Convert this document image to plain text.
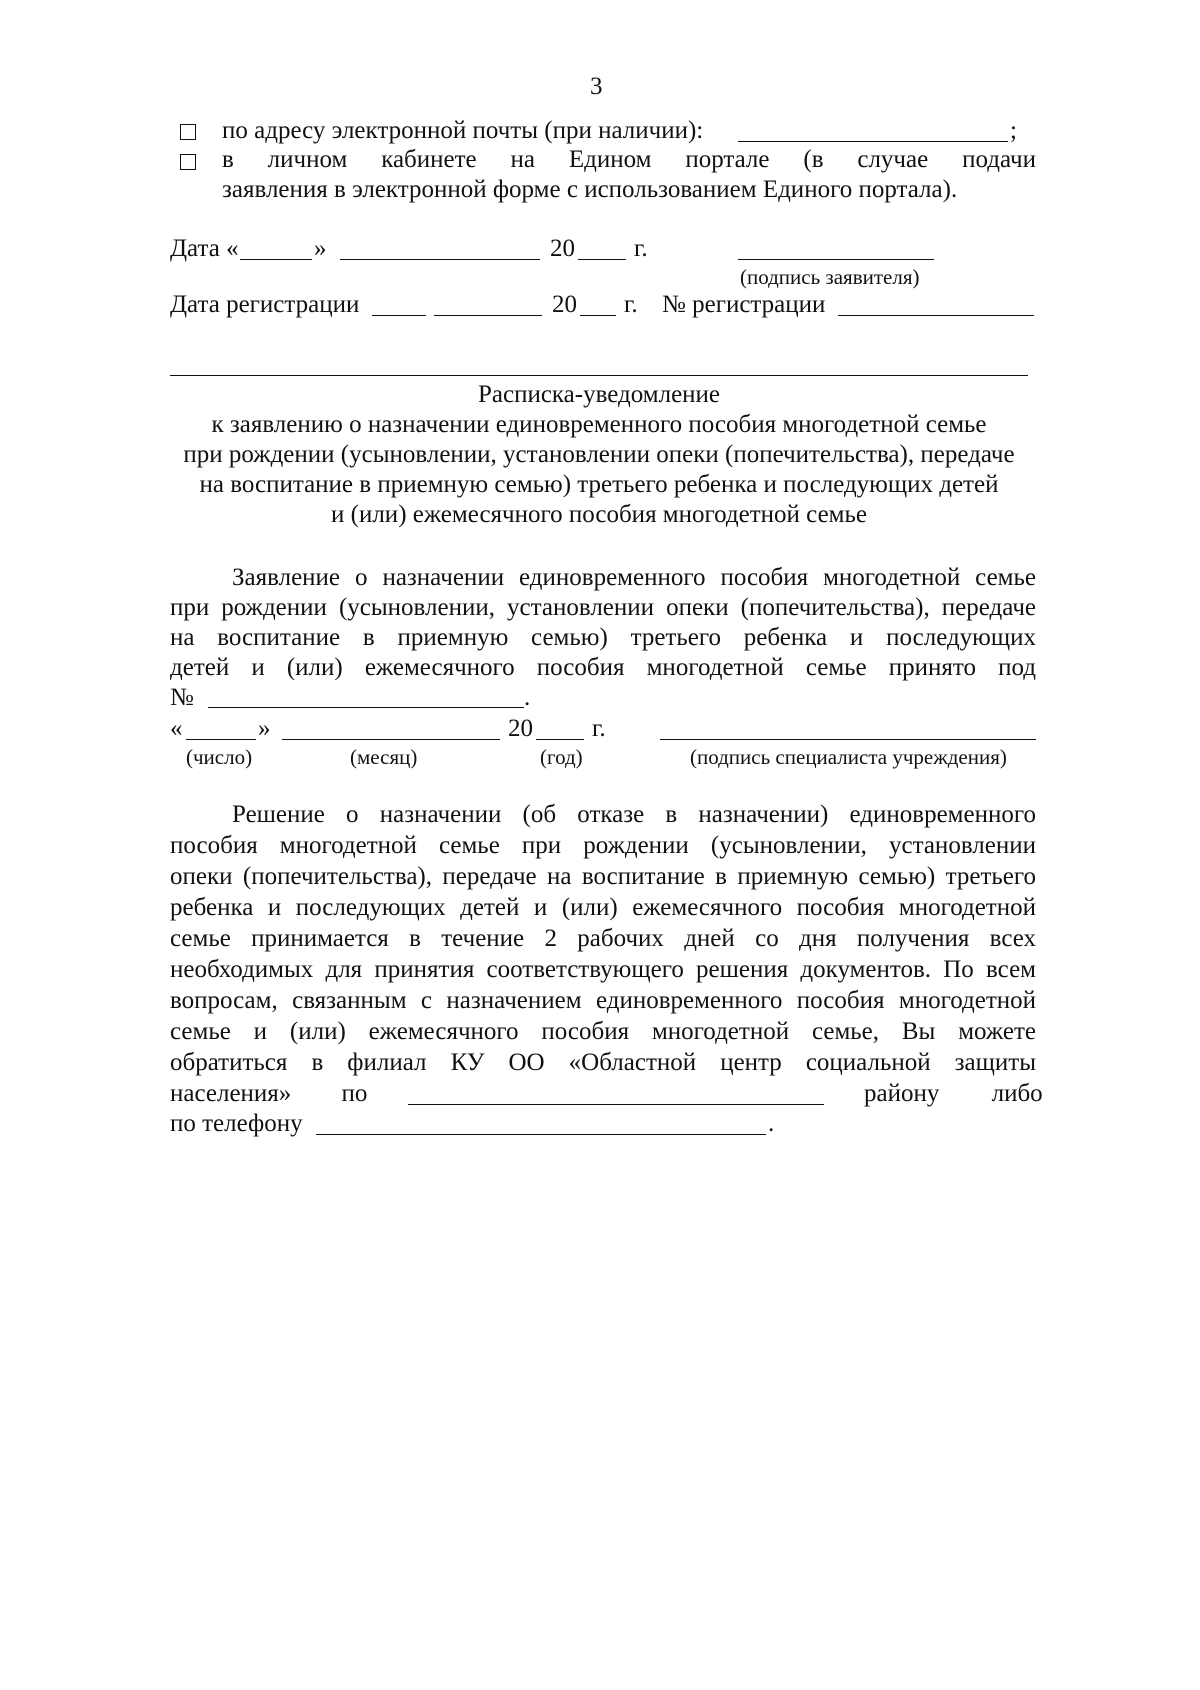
3
по адресу электронной почты (при наличии):	;
в личном кабинете на Едином портале (в случае подачи
заявления в электронной форме с использованием Единого портала).
Дата «	»	20 г.
(подпись заявителя)
Дата регистрации	20 г. № регистрации
Расписка-уведомление
к заявлению о назначении единовременного пособия многодетной семье
при рождении (усыновлении, установлении опеки (попечительства), передаче
на воспитание в приемную семью) третьего ребенка и последующих детей
и (или) ежемесячного пособия многодетной семье
Заявление о назначении единовременного пособия многодетной семье
при рождении (усыновлении, установлении опеки (попечительства), передаче
на воспитание в приемную семью) третьего ребенка и последующих
детей и (или) ежемесячного пособия многодетной семье принято под
№	.
«	»	20 г.
(число)	(месяц)	(год)	(подпись специалиста учреждения)
Решение о назначении (об отказе в назначении) единовременного
пособия многодетной семье при рождении (усыновлении, установлении
опеки (попечительства), передаче на воспитание в приемную семью) третьего
ребенка и последующих детей и (или) ежемесячного пособия многодетной
семье принимается в течение 2 рабочих дней со дня получения всех
необходимых для принятия соответствующего решения документов. По всем
вопросам, связанным с назначением единовременного пособия многодетной
семье и (или) ежемесячного пособия многодетной семье, Вы можете
обратиться в филиал КУ ОО «Областной центр социальной защиты
населения» по	району либо
по телефону	.
